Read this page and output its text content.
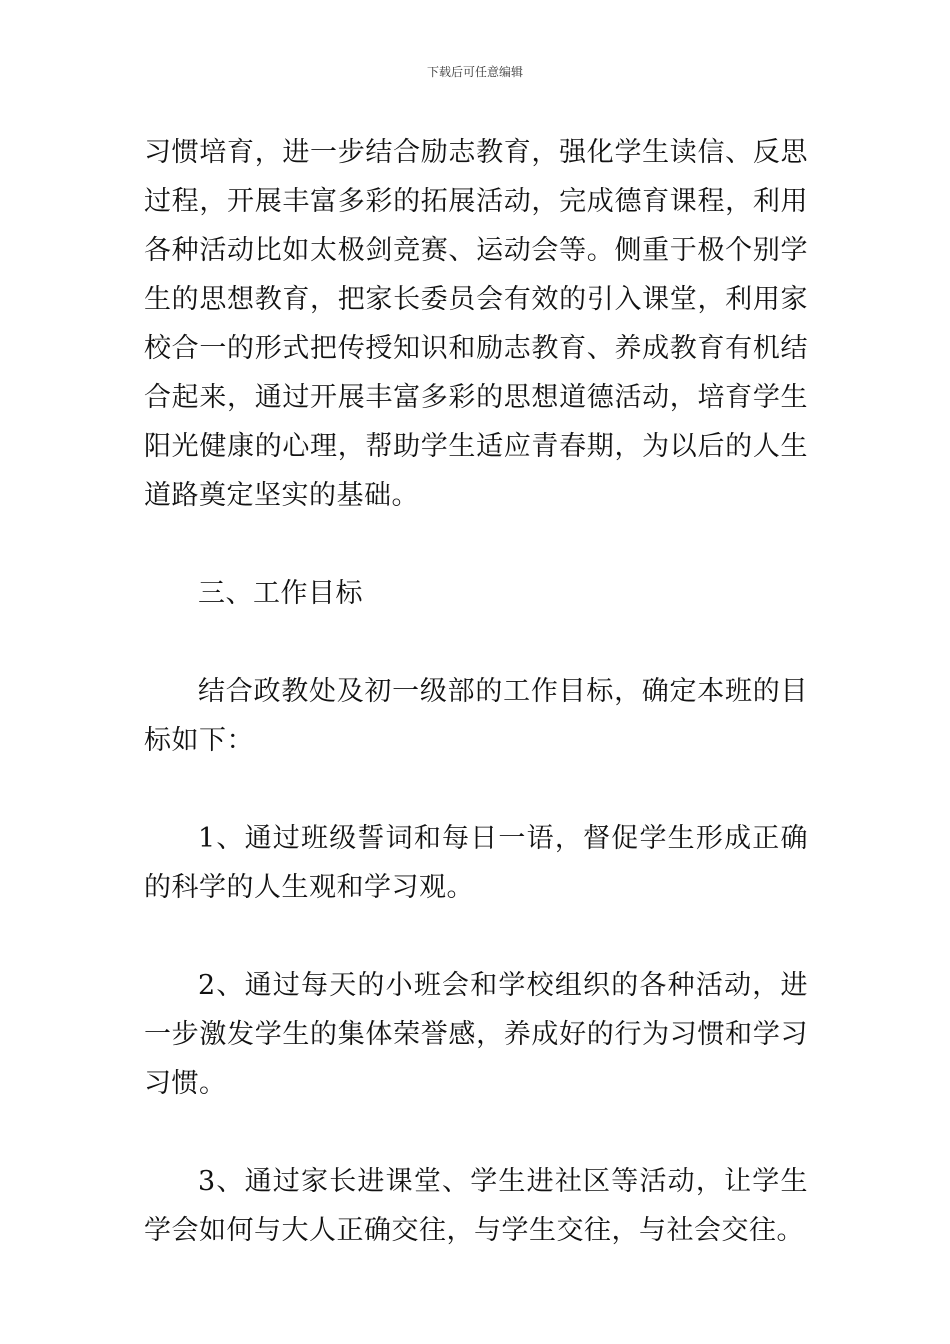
下载后可任意编辑

习惯培育，进一步结合励志教育，强化学生读信、反思过程，开展丰富多彩的拓展活动，完成德育课程，利用各种活动比如太极剑竞赛、运动会等。侧重于极个别学生的思想教育，把家长委员会有效的引入课堂，利用家校合一的形式把传授知识和励志教育、养成教育有机结合起来，通过开展丰富多彩的思想道德活动，培育学生阳光健康的心理，帮助学生适应青春期，为以后的人生道路奠定坚实的基础。

三、工作目标

结合政教处及初一级部的工作目标，确定本班的目标如下：

1、通过班级誓词和每日一语，督促学生形成正确的科学的人生观和学习观。

2、通过每天的小班会和学校组织的各种活动，进一步激发学生的集体荣誉感，养成好的行为习惯和学习习惯。

3、通过家长进课堂、学生进社区等活动，让学生学会如何与大人正确交往，与学生交往，与社会交往。
